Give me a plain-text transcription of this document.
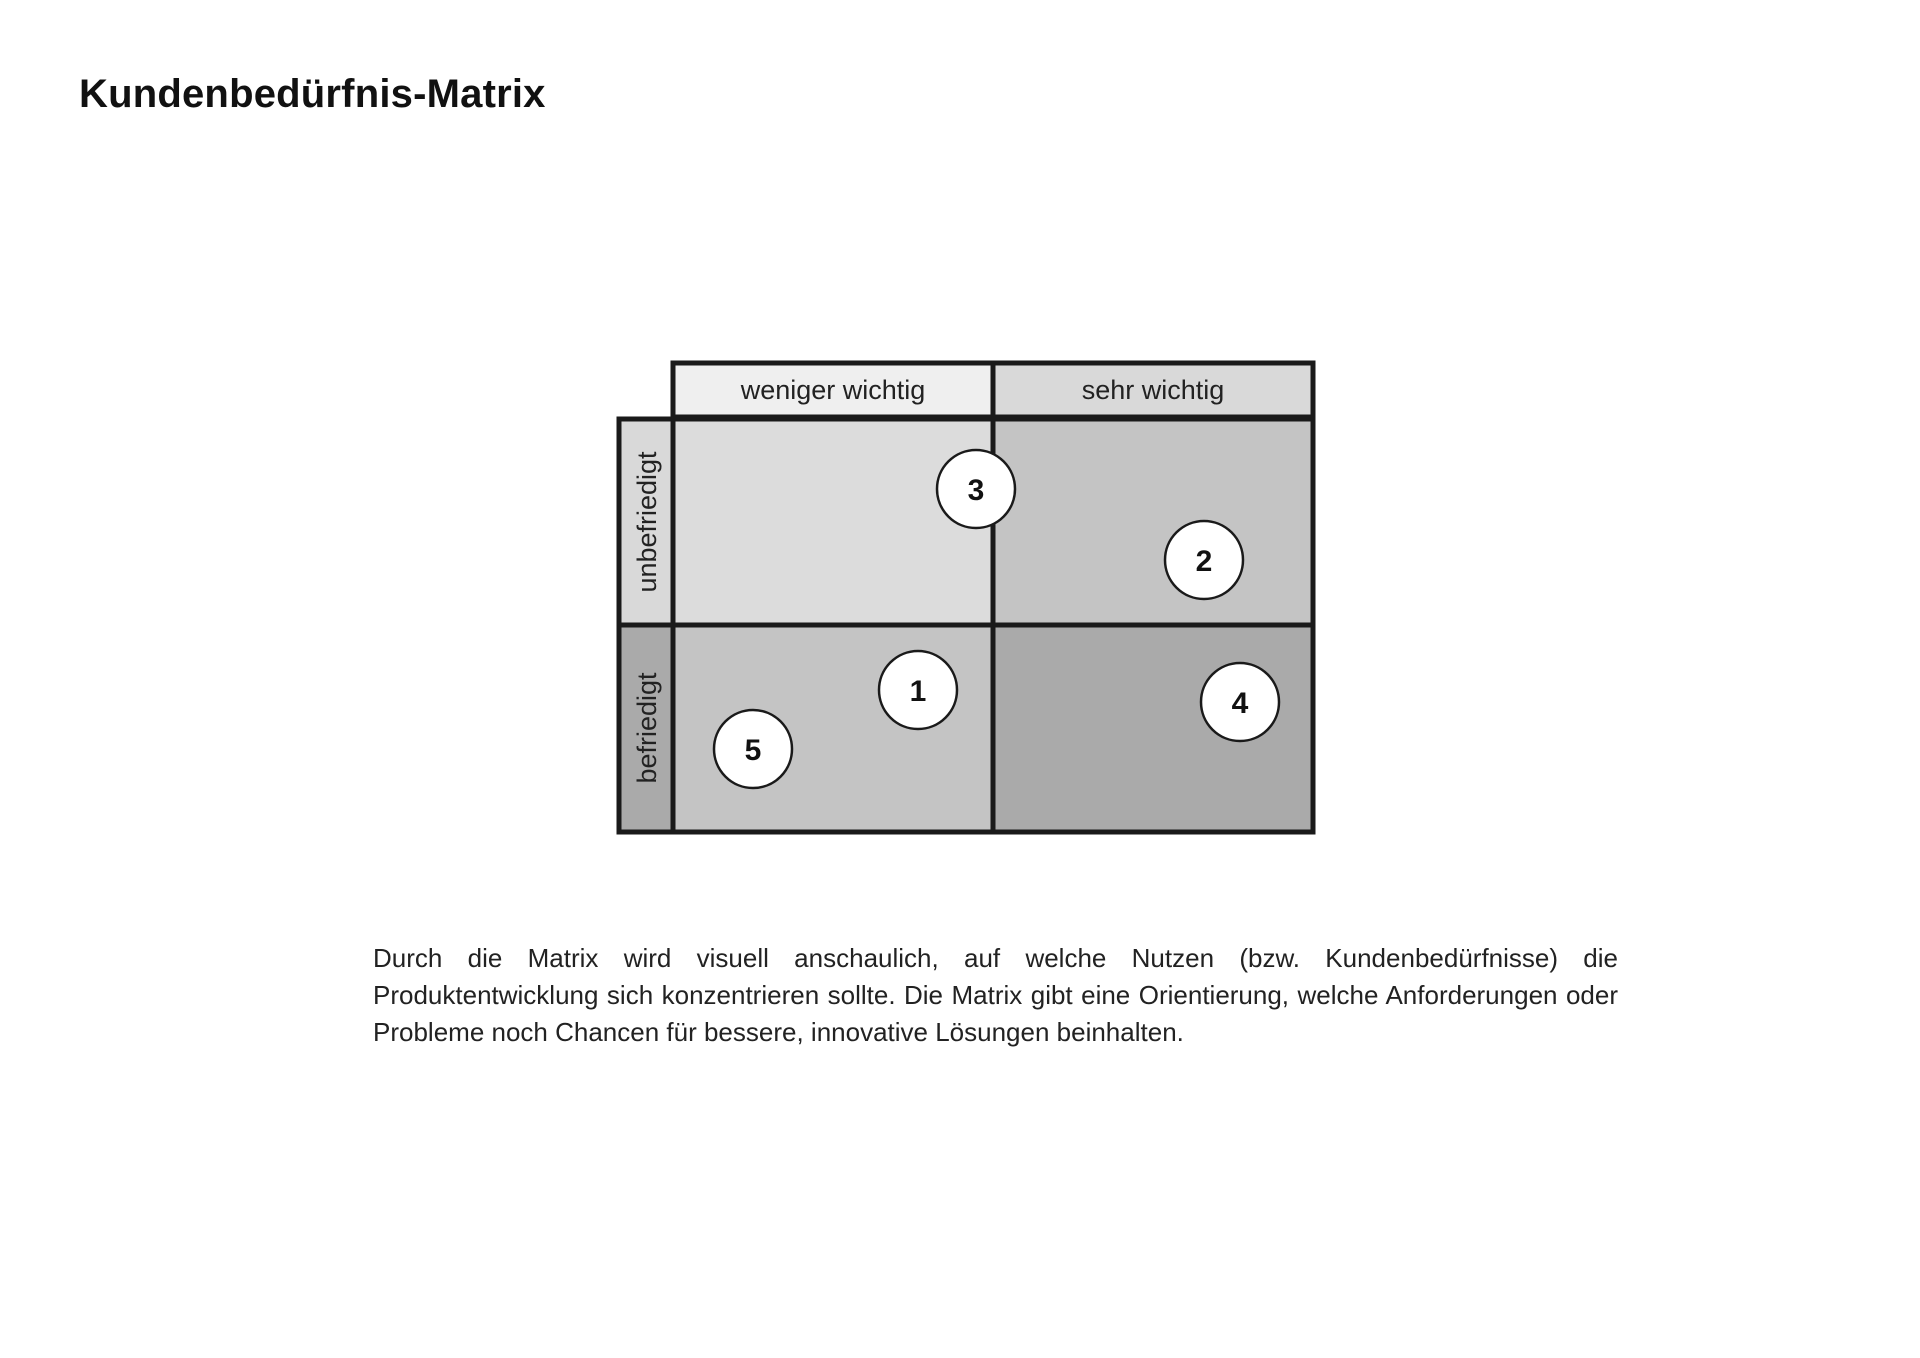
Kundenbedürfnis-Matrix
weniger wichtig	sehr wichtig
unbefriedigt
befriedigt
3
2
1	4
5

Durch die Matrix wird visuell anschaulich, auf welche Nutzen (bzw. Kundenbedürfnisse) die Produktentwicklung sich konzentrieren sollte. Die Matrix gibt eine Orientierung, welche Anforderungen oder Probleme noch Chancen für bessere, innovative Lösungen beinhalten.
